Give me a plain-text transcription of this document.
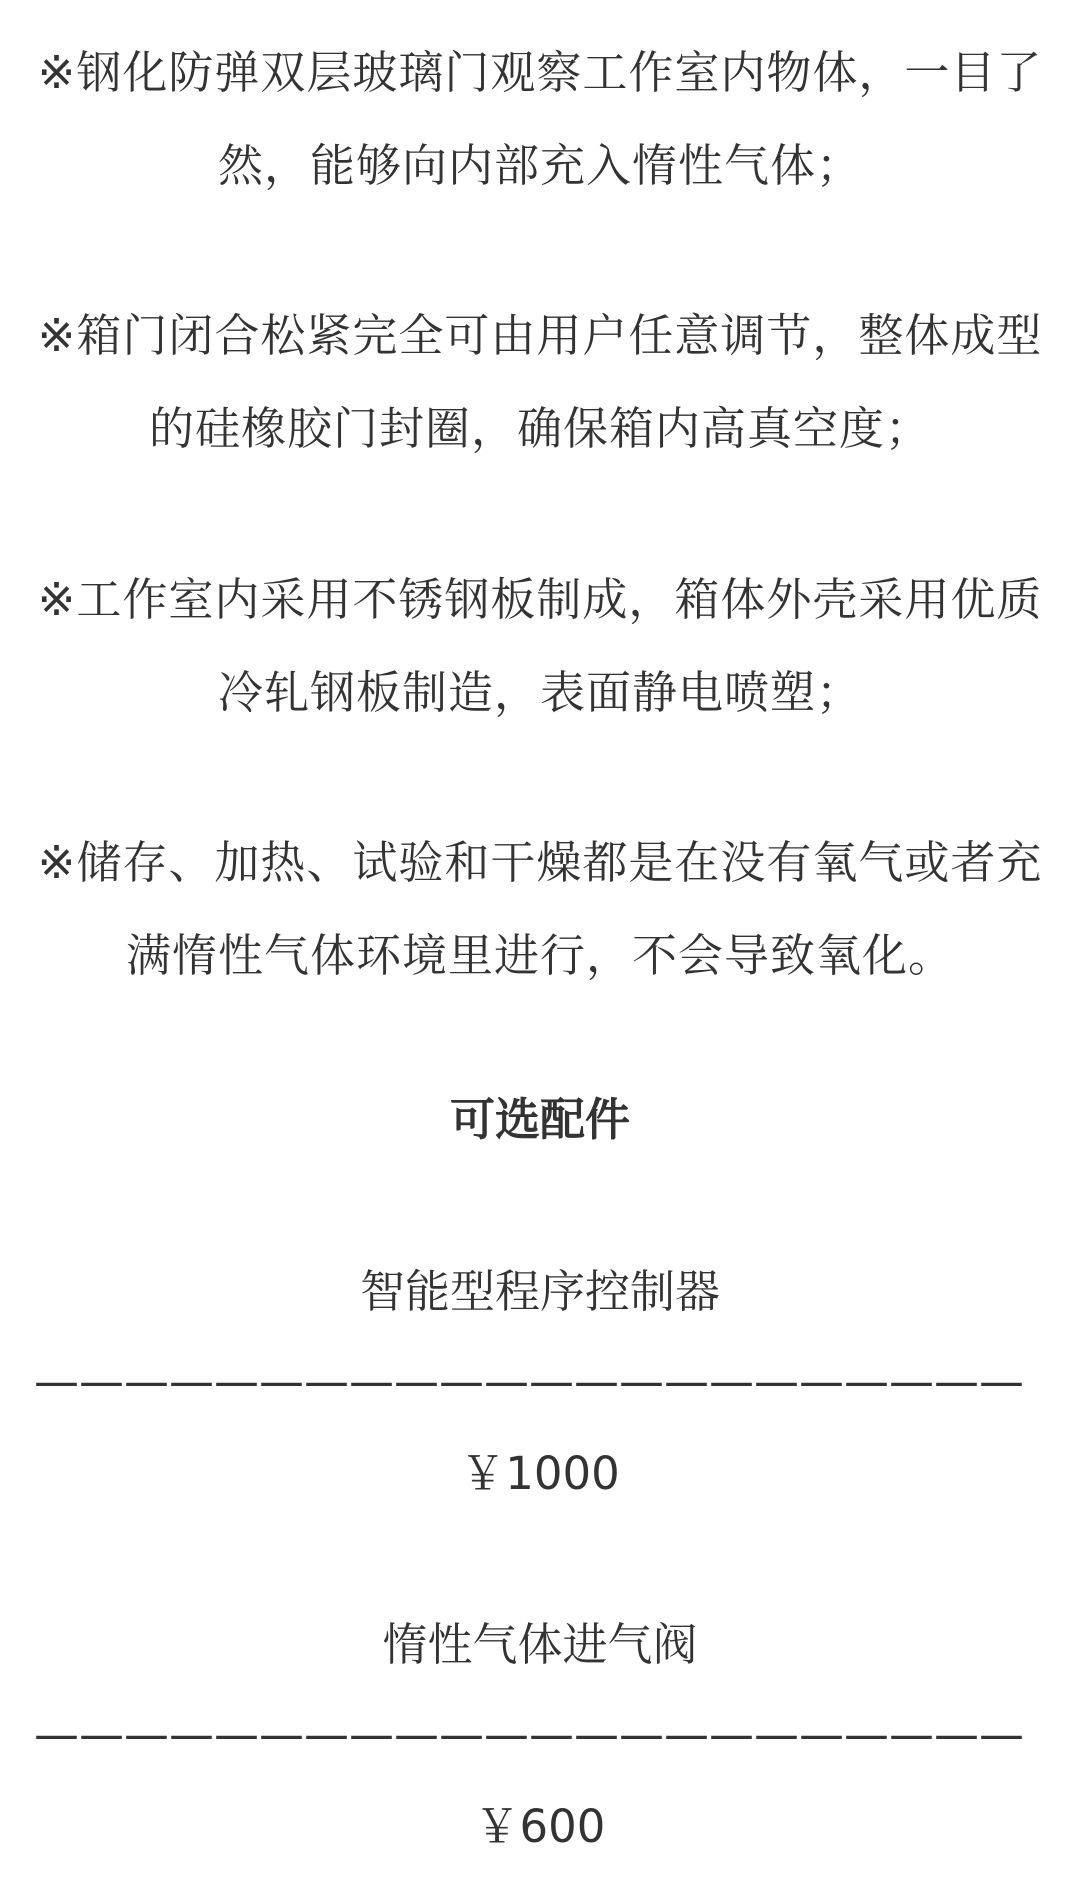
※钢化防弹双层玻璃门观察工作室内物体，一目了然，能够向内部充入惰性气体；

※箱门闭合松紧完全可由用户任意调节，整体成型的硅橡胶门封圈，确保箱内高真空度；

※工作室内采用不锈钢板制成，箱体外壳采用优质冷轧钢板制造，表面静电喷塑；

※储存、加热、试验和干燥都是在没有氧气或者充满惰性气体环境里进行，不会导致氧化。

可选配件

智能型程序控制器

——————————————————————

￥1000

惰性气体进气阀

——————————————————————

￥600
